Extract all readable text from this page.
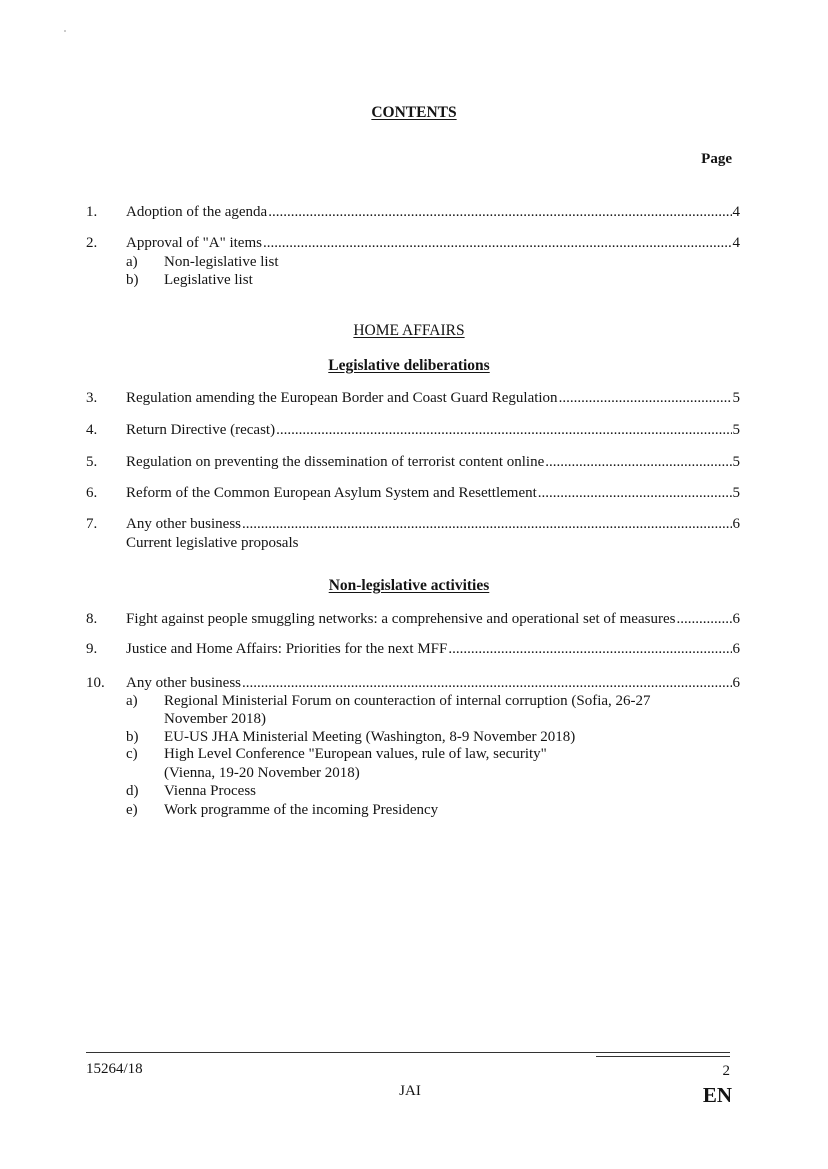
CONTENTS
Page
1.	Adoption of the agenda .....	4
2.	Approval of "A" items .....	4
a)	Non-legislative list
b)	Legislative list
HOME AFFAIRS
Legislative deliberations
3.	Regulation amending the European Border and Coast Guard Regulation .....	5
4.	Return Directive (recast) .....	5
5.	Regulation on preventing the dissemination of terrorist content online .....	5
6.	Reform of the Common European Asylum System and Resettlement .....	5
7.	Any other business .....	6
Current legislative proposals
Non-legislative activities
8.	Fight against people smuggling networks: a comprehensive and operational set of measures .....	6
9.	Justice and Home Affairs: Priorities for the next MFF .....	6
10.	Any other business .....	6
a)	Regional Ministerial Forum on counteraction of internal corruption (Sofia, 26-27
November 2018)
b)	EU-US JHA Ministerial Meeting (Washington, 8-9 November 2018)
c)	High Level Conference "European values, rule of law, security"
(Vienna, 19-20 November 2018)
d)	Vienna Process
e)	Work programme of the incoming Presidency
15264/18	2
JAI	EN
